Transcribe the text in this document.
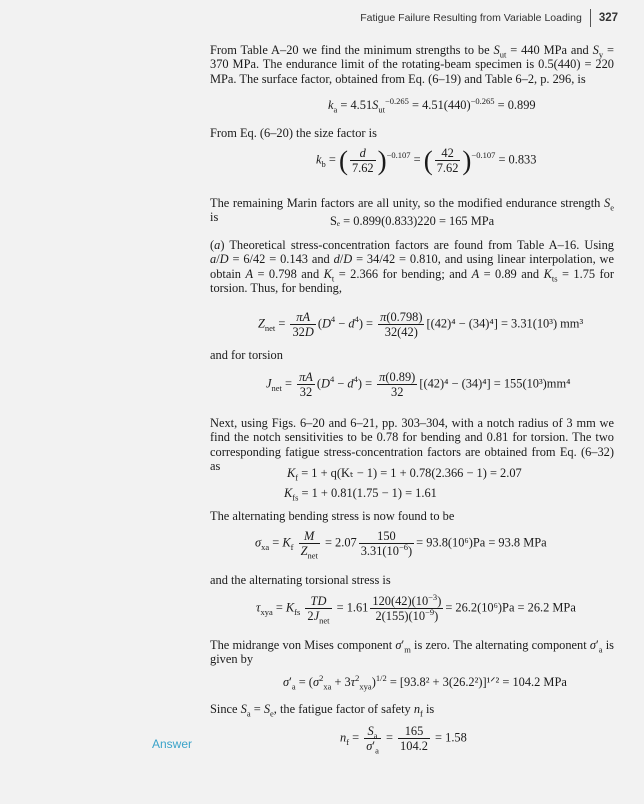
Fatigue Failure Resulting from Variable Loading 327
From Table A–20 we find the minimum strengths to be $S_{ut} = 440$ MPa and $S_y = 370$ MPa. The endurance limit of the rotating-beam specimen is 0.5(440) = 220 MPa. The surface factor, obtained from Eq. (6–19) and Table 6–2, p. 296, is
$k_a = 4.51S_{ut}^{-0.265} = 4.51(440)^{-0.265} = 0.899$
From Eq. (6–20) the size factor is
$k_b$ = ( $\frac{d}{7.62} )^{-0.107}$ = ( $\frac{42}{7.62} )^{-0.107} = 0.833$
The remaining Marin factors are all unity, so the modified endurance strength $S_e$ is	Sₑ = 0.899(0.833)220 = 165 MPa
(a) Theoretical stress-concentration factors are found from Table A–16. Using a/D = 6/42 = 0.143 and d/D = 34/42 = 0.810, and using linear interpolation, we obtain A = 0.798 and $K_t = 2.366$ for bending; and A = 0.89 and $K_{ts} = 1.75$ for torsion. Thus, for bending,
$Z_{net} = \frac{\pi A}{32D} (D^4 - d^4) = \frac{\pi(0.798)}{32(42)} [(42)^4 - (34)^4] = 3.31(10^3)$ mm³
and for torsion
$J_{net} = \frac{\pi A}{32} (D^4 - d^4) = \frac{\pi(0.89)}{32} [(42)^4 - (34)^4] = 155(10^3)mm^4$
Next, using Figs. 6–20 and 6–21, pp. 303–304, with a notch radius of 3 mm we find the notch sensitivities to be 0.78 for bending and 0.81 for torsion. The two corresponding fatigue stress-concentration factors are obtained from Eq. (6–32) as	$K_f = 1 + q(K_t - 1) = 1 + 0.78(2.366 - 1) = 2.07$
$K_{fs} = 1 + 0.81(1.75 - 1) = 1.61$
The alternating bending stress is now found to be
$\sigma_{xa} = K_f \frac{M}{Z_{net}} = 2.07 \frac{150}{3.31(10^{-6})} = 93.8(10^6)Pa = 93.8$ MPa
and the alternating torsional stress is
$\tau_{xya} = K_{fs} \frac{TD}{2J_{net}} = 1.61 \frac{120(42)(10^{-3})}{2(155)(10^{-9})} = 26.2(10^6)Pa = 26.2$ MPa
The midrange von Mises component $\sigma'_m$ is zero. The alternating component $\sigma'_a$ is given by
$\sigma'_a = (\sigma^2_{xa} + 3\tau^2_{xya})^{1/2} = [93.8^2$ + 3(26.2²)]¹ᐟ² = 104.2 MPa
Since $S_a = S_e$, the fatigue factor of safety $n_f$ is
Answer	$n_f = \frac{S_a}{\sigma'_a} = \frac{165}{104.2} = 1.58$
